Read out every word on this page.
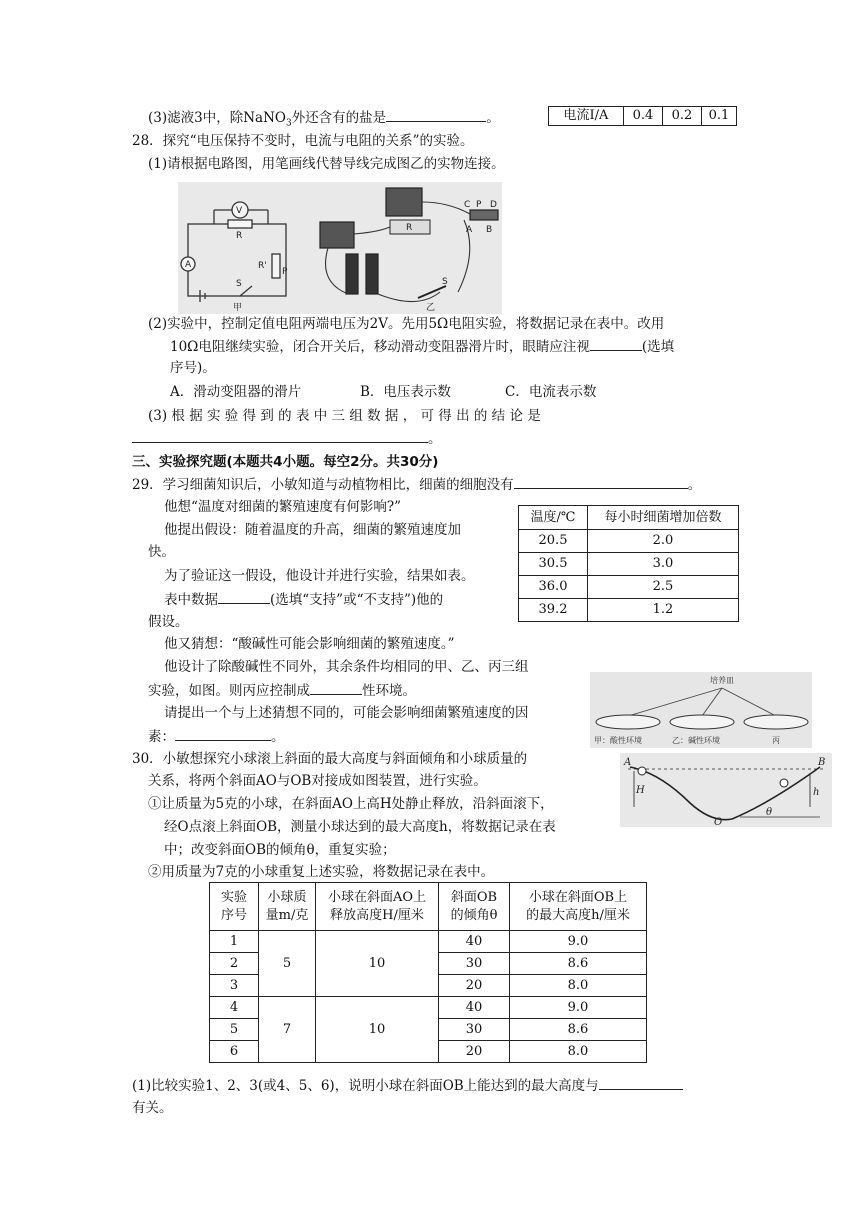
(3)滤液3中，除NaNO$_3$外还含有的盐是	。	电流I/A	0.4	0.2	0.1
28．探究“电压保持不变时，电流与电阻的关系”的实验。
(1)请根据电路图，用笔画线代替导线完成图乙的实物连接。
V
R
A	R'
P
S
甲
R
C P D
A B
S
乙
(2)实验中，控制定值电阻两端电压为2V。先用5Ω电阻实验，将数据记录在表中。改用
10Ω电阻继续实验，闭合开关后，移动滑动变阻器滑片时，眼睛应注视	(选填
序号)。
A．滑动变阻器的滑片	B．电压表示数	C．电流表示数
(3) 根 据 实 验 得 到 的 表 中 三 组 数 据 ， 可 得 出 的 结 论 是
。
三、实验探究题(本题共4小题。每空2分。共30分)
29．学习细菌知识后，小敏知道与动植物相比，细菌的细胞没有	。
他想“温度对细菌的繁殖速度有何影响?”
他提出假设：随着温度的升高，细菌的繁殖速度加
快。
为了验证这一假设，他设计并进行实验，结果如表。
表中数据	(选填“支持”或“不支持”)他的
假设。
他又猜想：“酸碱性可能会影响细菌的繁殖速度。”
他设计了除酸碱性不同外，其余条件均相同的甲、乙、丙三组
实验，如图。则丙应控制成	性环境。
请提出一个与上述猜想不同的，可能会影响细菌繁殖速度的因
素：	。
温度/℃	每小时细菌增加倍数
20.5	2.0
30.5	3.0
36.0	2.5
39.2	1.2
培养皿
甲：酸性环境	乙：碱性环境	丙
30．小敏想探究小球滚上斜面的最大高度与斜面倾角和小球质量的
关系，将两个斜面AO与OB对接成如图装置，进行实验。
①让质量为5克的小球，在斜面AO上高H处静止释放，沿斜面滚下，
经O点滚上斜面OB，测量小球达到的最大高度h，将数据记录在表
中；改变斜面OB的倾角θ，重复实验；
②用质量为7克的小球重复上述实验，将数据记录在表中。
A	B
H	h
θ
O
实验
序号	小球质
量m/克	小球在斜面AO上
释放高度H/厘米	斜面OB
的倾角θ	小球在斜面OB上
的最大高度h/厘米
1	5	10	40	9.0
2			30	8.6
3			20	8.0
4	7	10	40	9.0
5			30	8.6
6			20	8.0
(1)比较实验1、2、3(或4、5、6)，说明小球在斜面OB上能达到的最大高度与
有关。
